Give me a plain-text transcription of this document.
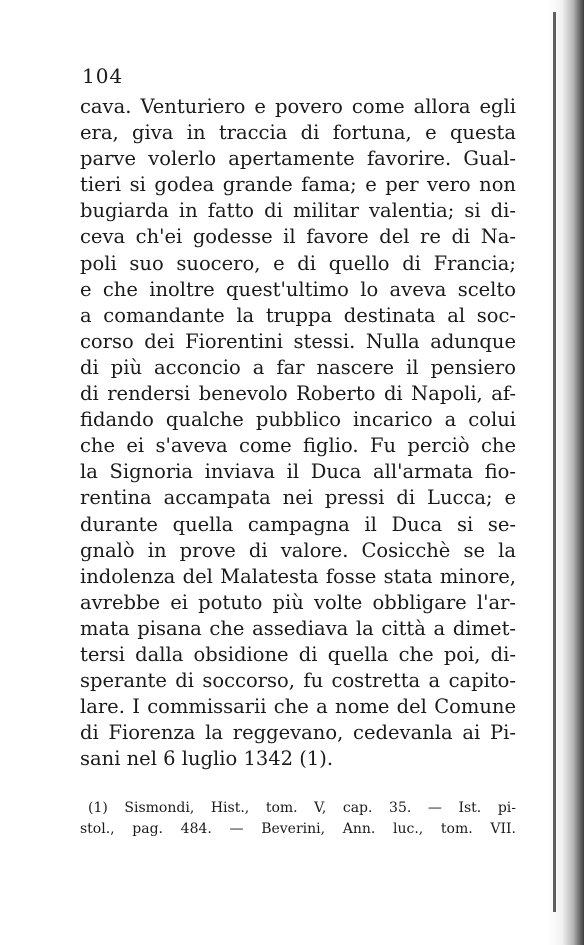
104
cava. Venturiero e povero come allora egli
era, giva in traccia di fortuna, e questa
parve volerlo apertamente favorire. Gual-
tieri si godea grande fama; e per vero non
bugiarda in fatto di militar valentia; si di-
ceva ch'ei godesse il favore del re di Na-
poli suo suocero, e di quello di Francia;
e che inoltre quest'ultimo lo aveva scelto
a comandante la truppa destinata al soc-
corso dei Fiorentini stessi. Nulla adunque
di più acconcio a far nascere il pensiero
di rendersi benevolo Roberto di Napoli, af-
fidando qualche pubblico incarico a colui
che ei s'aveva come figlio. Fu perciò che
la Signoria inviava il Duca all'armata fio-
rentina accampata nei pressi di Lucca; e
durante quella campagna il Duca si se-
gnalò in prove di valore. Cosicchè se la
indolenza del Malatesta fosse stata minore,
avrebbe ei potuto più volte obbligare l'ar-
mata pisana che assediava la città a dimet-
tersi dalla obsidione di quella che poi, di-
sperante di soccorso, fu costretta a capito-
lare. I commissarii che a nome del Comune
di Fiorenza la reggevano, cedevanla ai Pi-
sani nel 6 luglio 1342 (1).
(1) Sismondi, Hist., tom. V, cap. 35. — Ist. pi-
stol., pag. 484. — Beverini, Ann. luc., tom. VII.
